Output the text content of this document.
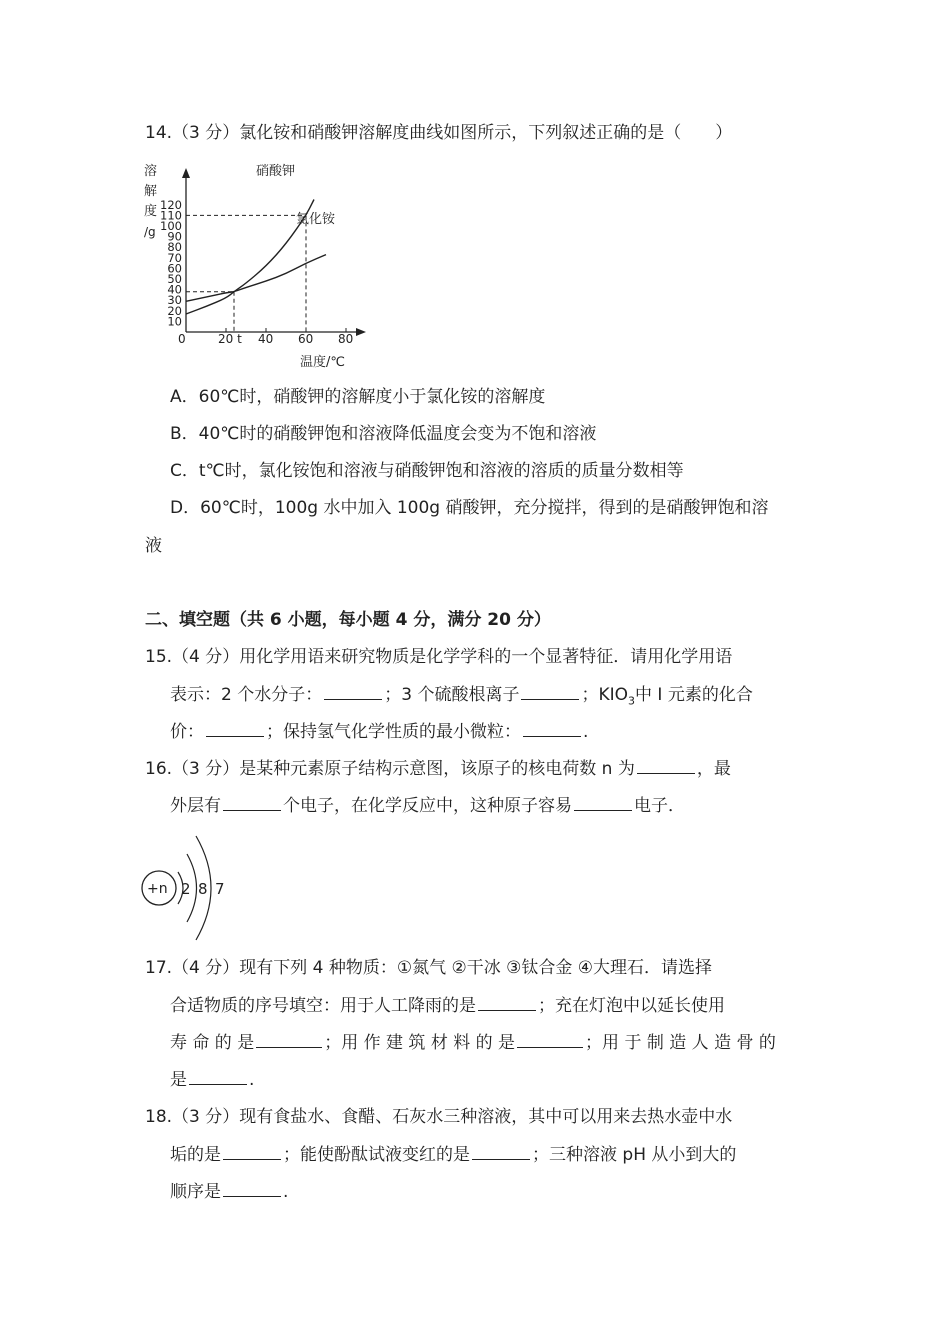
14.（3 分）氯化铵和硝酸钾溶解度曲线如图所示，下列叙述正确的是（　　）
溶
解
度
/g
120
110
100
90
80
70
60
50
40
30
20
10
0	20 t 40 60 80
硝酸钾
氯化铵
温度/℃
A．60℃时，硝酸钾的溶解度小于氯化铵的溶解度
B．40℃时的硝酸钾饱和溶液降低温度会变为不饱和溶液
C．t℃时，氯化铵饱和溶液与硝酸钾饱和溶液的溶质的质量分数相等
D．60℃时，100g 水中加入 100g 硝酸钾，充分搅拌，得到的是硝酸钾饱和溶
液
二、填空题（共 6 小题，每小题 4 分，满分 20 分）
15.（4 分）用化学用语来研究物质是化学学科的一个显著特征．请用化学用语
表示：2 个水分子：	；3 个硫酸根离子	；$KIO_3$中 I 元素的化合
价：	；保持氢气化学性质的最小微粒：	.
16.（3 分）是某种元素原子结构示意图，该原子的核电荷数 n 为	，最
外层有	个电子，在化学反应中，这种原子容易	电子．
+n 2 8 7
17.（4 分）现有下列 4 种物质：①氮气 ②干冰 ③钛合金 ④大理石．请选择
合适物质的序号填空：用于人工降雨的是	；充在灯泡中以延长使用
寿 命 的 是	；用 作 建 筑 材 料 的 是	；用 于 制 造 人 造 骨 的
是	.
18.（3 分）现有食盐水、食醋、石灰水三种溶液，其中可以用来去热水壶中水
垢的是	；能使酚酞试液变红的是	；三种溶液 pH 从小到大的
顺序是	.
